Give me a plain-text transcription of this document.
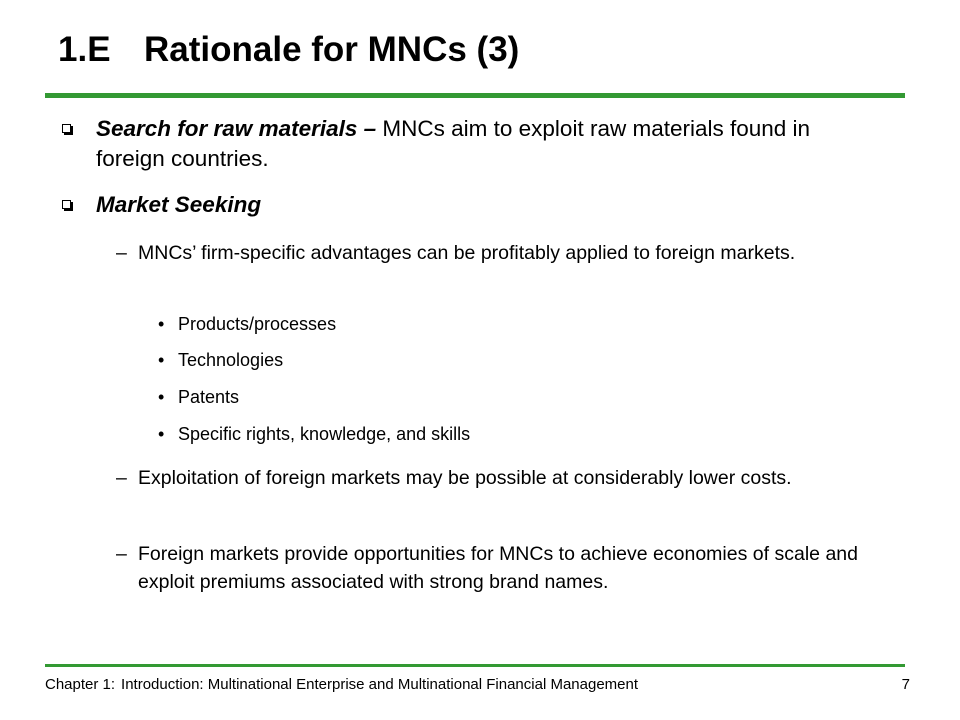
1.E Rationale for MNCs (3)
Search for raw materials – MNCs aim to exploit raw materials found in foreign countries.
Market Seeking
– MNCs’ firm-specific advantages can be profitably applied to foreign markets.
• Products/processes
• Technologies
• Patents
• Specific rights, knowledge, and skills
– Exploitation of foreign markets may be possible at considerably lower costs.
– Foreign markets provide opportunities for MNCs to achieve economies of scale and exploit premiums associated with strong brand names.
Chapter 1: Introduction: Multinational Enterprise and Multinational Financial Management	7
